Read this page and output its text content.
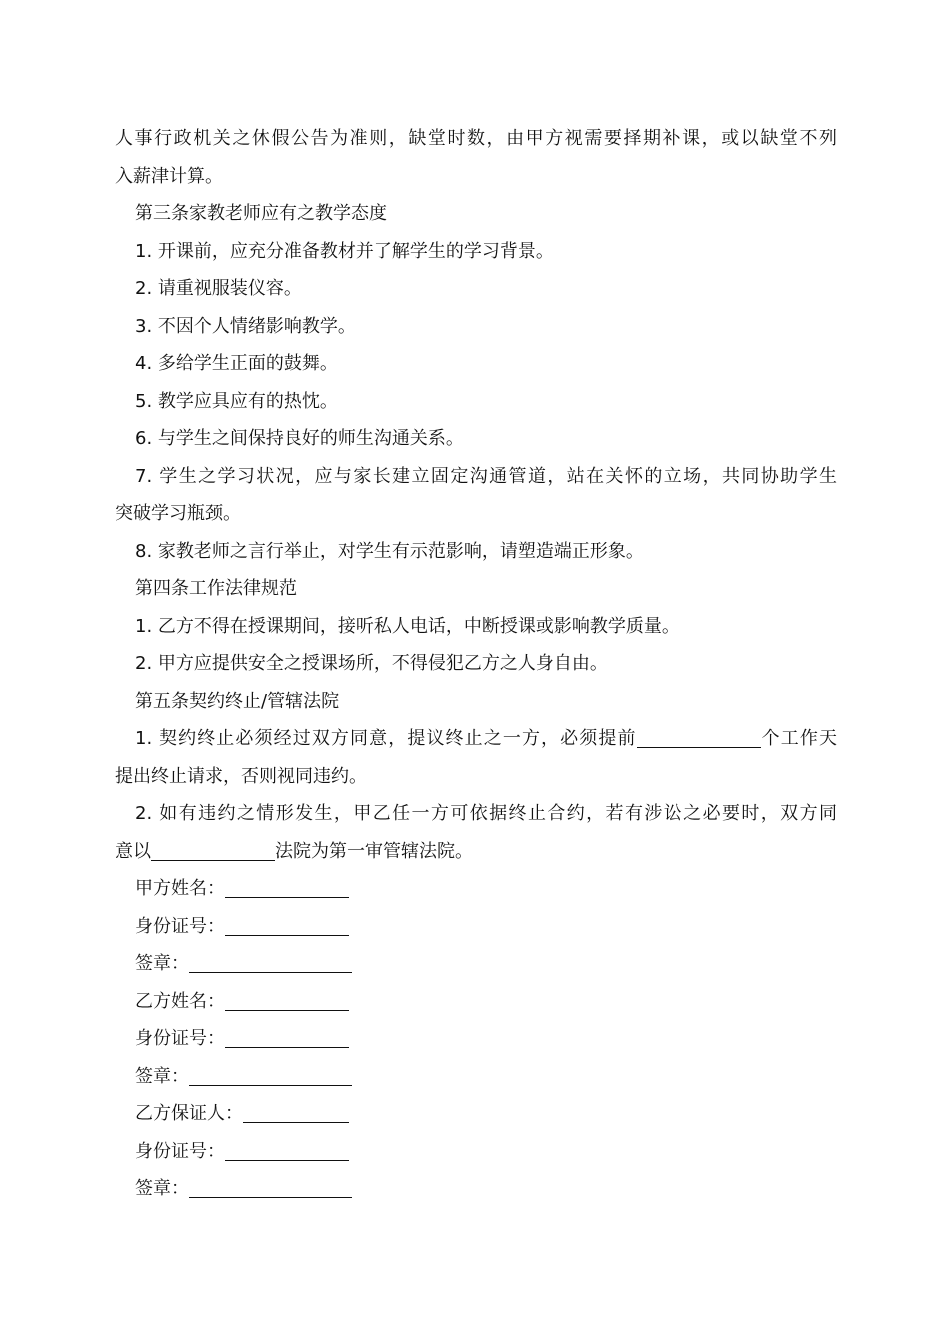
人事行政机关之休假公告为准则，缺堂时数，由甲方视需要择期补课，或以缺堂不列
入薪津计算。
第三条家教老师应有之教学态度
1. 开课前，应充分准备教材并了解学生的学习背景。
2. 请重视服装仪容。
3. 不因个人情绪影响教学。
4. 多给学生正面的鼓舞。
5. 教学应具应有的热忱。
6. 与学生之间保持良好的师生沟通关系。
7. 学生之学习状况，应与家长建立固定沟通管道，站在关怀的立场，共同协助学生
突破学习瓶颈。
8. 家教老师之言行举止，对学生有示范影响，请塑造端正形象。
第四条工作法律规范
1. 乙方不得在授课期间，接听私人电话，中断授课或影响教学质量。
2. 甲方应提供安全之授课场所，不得侵犯乙方之人身自由。
第五条契约终止/管辖法院
1. 契约终止必须经过双方同意，提议终止之一方，必须提前	个工作天
提出终止请求，否则视同违约。
2. 如有违约之情形发生，甲乙任一方可依据终止合约，若有涉讼之必要时，双方同
意以	法院为第一审管辖法院。
甲方姓名：
身份证号：
签章：
乙方姓名：
身份证号：
签章：
乙方保证人：
身份证号：
签章：
